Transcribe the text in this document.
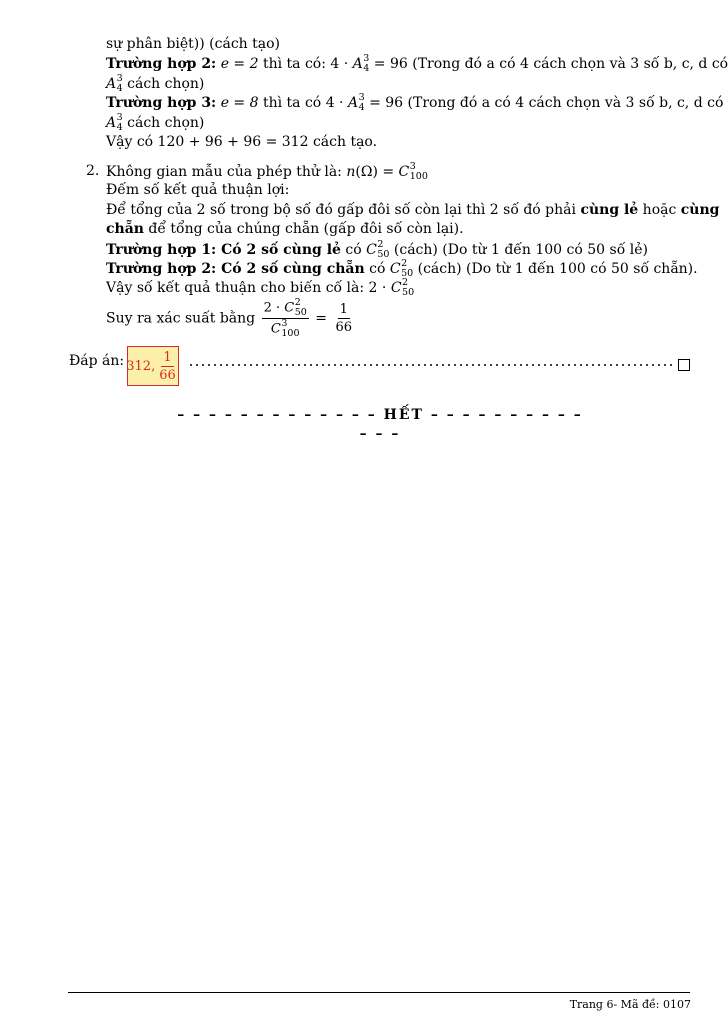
sự phân biệt)) (cách tạo)
Trường hợp 2: e = 2 thì ta có: 4 · A 3
4 = 96 (Trong đó a có 4 cách chọn và 3 số b, c, d có
A 3
4 cách chọn)
Trường hợp 3: e = 8 thì ta có 4 · A 3
4 = 96 (Trong đó a có 4 cách chọn và 3 số b, c, d có
A 3
4 cách chọn)
Vậy có 120 + 96 + 96 = 312 cách tạo.
2. Không gian mẫu của phép thử là: n(Ω) = C 3
100
Đếm số kết quả thuận lợi:
Để tổng của 2 số trong bộ số đó gấp đôi số còn lại thì 2 số đó phải cùng lẻ hoặc cùng
chẵn để tổng của chúng chẵn (gấp đôi số còn lại).
Trường hợp 1: Có 2 số cùng lẻ có C 2
50 (cách) (Do từ 1 đến 100 có 50 số lẻ)
Trường hợp 2: Có 2 số cùng chẵn có C 2
50 (cách) (Do từ 1 đến 100 có 50 số chẵn).
Vậy số kết quả thuận cho biến cố là: 2 · C 2
50
Suy ra xác suất bằng 2 · C 2
50
C 3
$100 = \frac{1}{66}$
Đáp án: 312, $\frac{1}{66}$
– – – – – – – – – – – – – HẾT – – – – – – – – – – – – –
Trang 6- Mã đề: 0107
